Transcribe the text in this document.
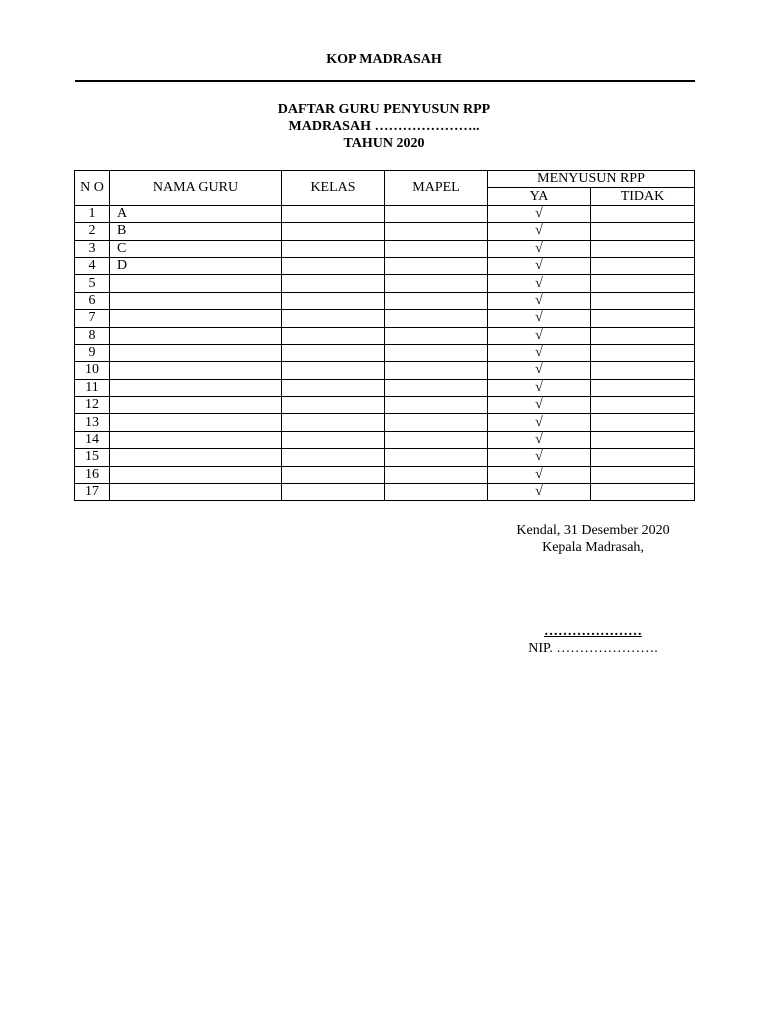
KOP MADRASAH
DAFTAR GURU PENYUSUN RPP
MADRASAH …………………..
TAHUN 2020
N O	NAMA GURU	KELAS	MAPEL	MENYUSUN RPP	
				YA	TIDAK
1	A			√	
2	B			√	
3	C			√	
4	D			√	
5				√	
6				√	
7				√	
8				√	
9				√	
10				√	
11				√	
12				√	
13				√	
14				√	
15				√	
16				√	
17				√	
Kendal, 31 Desember 2020
Kepala Madrasah,
…………………
NIP. ………………….
